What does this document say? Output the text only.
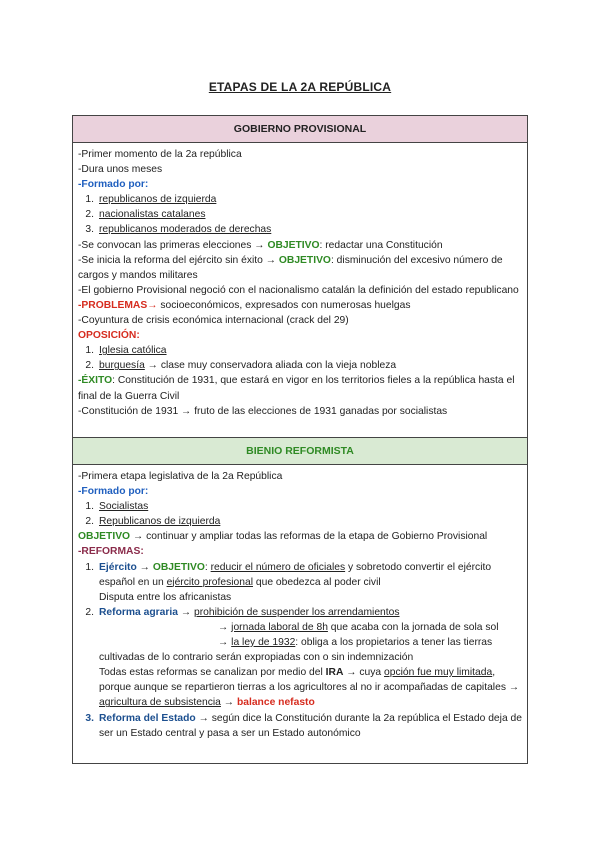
ETAPAS DE LA 2A REPÚBLICA
GOBIERNO PROVISIONAL
-Primer momento de la 2a república
-Dura unos meses
-Formado por:
1. republicanos de izquierda
2. nacionalistas catalanes
3. republicanos moderados de derechas
-Se convocan las primeras elecciones → OBJETIVO: redactar una Constitución
-Se inicia la reforma del ejército sin éxito → OBJETIVO: disminución del excesivo número de cargos y mandos militares
-El gobierno Provisional negoció con el nacionalismo catalán la definición del estado republicano
-PROBLEMAS→ socioeconómicos, expresados con numerosas huelgas
-Coyuntura de crisis económica internacional (crack del 29)
OPOSICIÓN:
1. Iglesia católica
2. burguesía → clase muy conservadora aliada con la vieja nobleza
-ÉXITO: Constitución de 1931, que estará en vigor en los territorios fieles a la república hasta el final de la Guerra Civil
-Constitución de 1931 → fruto de las elecciones de 1931 ganadas por socialistas
BIENIO REFORMISTA
-Primera etapa legislativa de la 2a República
-Formado por:
1. Socialistas
2. Republicanos de izquierda
OBJETIVO → continuar y ampliar todas las reformas de la etapa de Gobierno Provisional
-REFORMAS:
1. Ejército → OBJETIVO: reducir el número de oficiales y sobretodo convertir el ejército español en un ejército profesional que obedezca al poder civil
Disputa entre los africanistas
2. Reforma agraria → prohibición de suspender los arrendamientos
→ jornada laboral de 8h que acaba con la jornada de sola sol
→ la ley de 1932: obliga a los propietarios a tener las tierras cultivadas de lo contrario serán expropiadas con o sin indemnización
Todas estas reformas se canalizan por medio del IRA → cuya opción fue muy limitada, porque aunque se repartieron tierras a los agricultores al no ir acompañadas de capitales → agricultura de subsistencia → balance nefasto
3. Reforma del Estado → según dice la Constitución durante la 2a república el Estado deja de ser un Estado central y pasa a ser un Estado autonómico
